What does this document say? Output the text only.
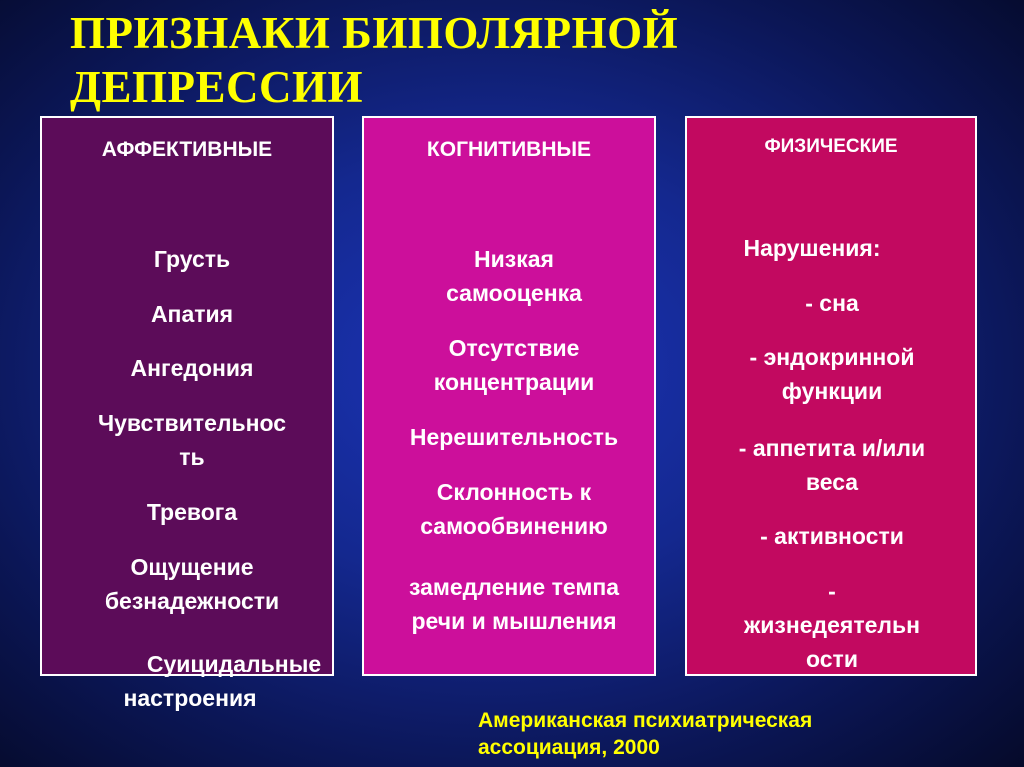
ПРИЗНАКИ БИПОЛЯРНОЙ
ДЕПРЕССИИ
АФФЕКТИВНЫЕ
Грусть
Апатия
Ангедония
Чувствительнос
ть
Тревога
Ощущение
безнадежности
Суицидальные
настроения
КОГНИТИВНЫЕ
Низкая
самооценка
Отсутствие
концентрации
Нерешительность
Склонность к
самообвинению
замедление темпа
речи и мышления
ФИЗИЧЕСКИЕ
Нарушения:
- сна
- эндокринной
функции
- аппетита и/или
веса
- активности
-
жизнедеятельн
ости
Американская психиатрическая
ассоциация, 2000
